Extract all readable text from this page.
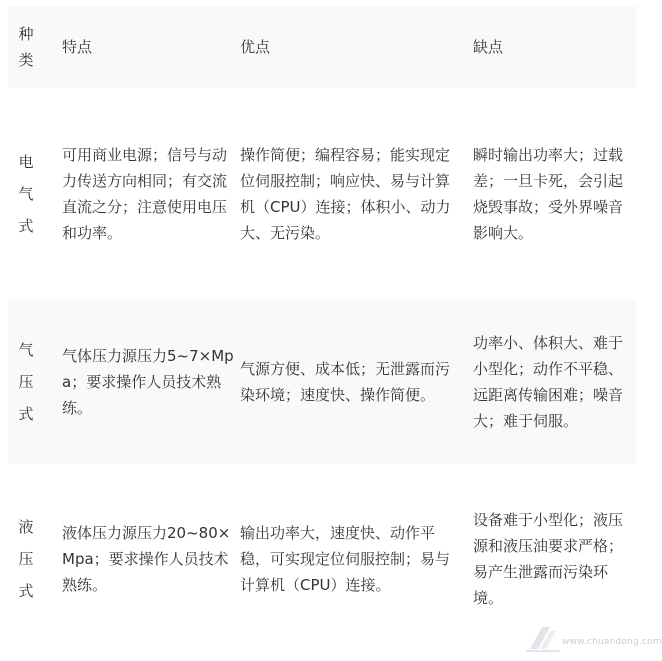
种类	特点	优点	缺点

电气式	可用商业电源；信号与动力传送方向相同；有交流直流之分；注意使用电压和功率。	操作简便；编程容易；能实现定位伺服控制；响应快、易与计算机（CPU）连接；体积小、动力大、无污染。	瞬时输出功率大；过载差；一旦卡死，会引起烧毁事故；受外界噪音影响大。

气压式	气体压力源压力5~7×Mpa；要求操作人员技术熟练。	气源方便、成本低；无泄露而污染环境；速度快、操作简便。	功率小、体积大、难于小型化；动作不平稳、远距离传输困难；噪音大；难于伺服。

液压式	液体压力源压力20~80×Mpa；要求操作人员技术熟练。	输出功率大，速度快、动作平稳，可实现定位伺服控制；易与计算机（CPU）连接。	设备难于小型化；液压源和液压油要求严格；易产生泄露而污染环境。
www.chuandong.com
